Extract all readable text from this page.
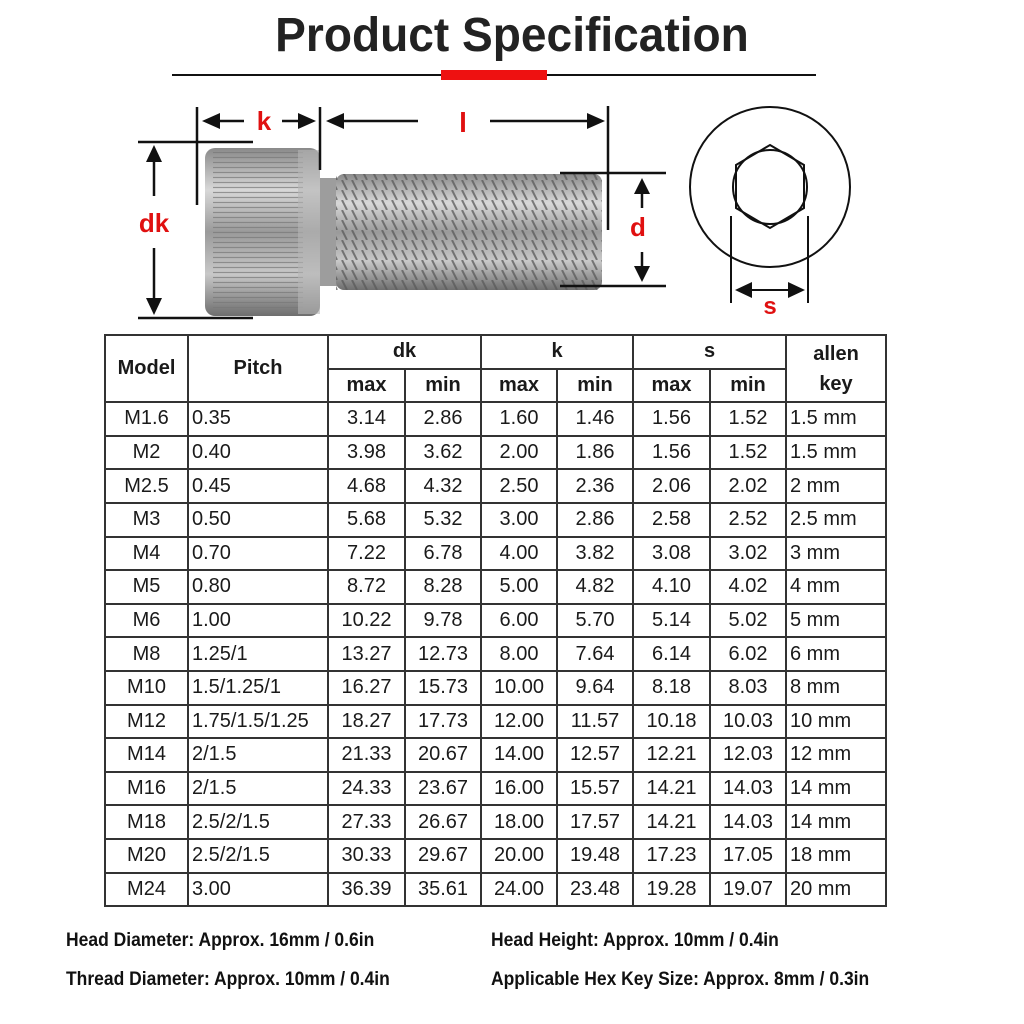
Product Specification
k	l
dk	d
s
Model	Pitch	dk		k		s		allen key
		max	min	max	min	max	min	
M1.6	0.35	3.14	2.86	1.60	1.46	1.56	1.52	1.5 mm
M2	0.40	3.98	3.62	2.00	1.86	1.56	1.52	1.5 mm
M2.5	0.45	4.68	4.32	2.50	2.36	2.06	2.02	2 mm
M3	0.50	5.68	5.32	3.00	2.86	2.58	2.52	2.5 mm
M4	0.70	7.22	6.78	4.00	3.82	3.08	3.02	3 mm
M5	0.80	8.72	8.28	5.00	4.82	4.10	4.02	4 mm
M6	1.00	10.22	9.78	6.00	5.70	5.14	5.02	5 mm
M8	1.25/1	13.27	12.73	8.00	7.64	6.14	6.02	6 mm
M10	1.5/1.25/1	16.27	15.73	10.00	9.64	8.18	8.03	8 mm
M12	1.75/1.5/1.25	18.27	17.73	12.00	11.57	10.18	10.03	10 mm
M14	2/1.5	21.33	20.67	14.00	12.57	12.21	12.03	12 mm
M16	2/1.5	24.33	23.67	16.00	15.57	14.21	14.03	14 mm
M18	2.5/2/1.5	27.33	26.67	18.00	17.57	14.21	14.03	14 mm
M20	2.5/2/1.5	30.33	29.67	20.00	19.48	17.23	17.05	18 mm
M24	3.00	36.39	35.61	24.00	23.48	19.28	19.07	20 mm
Head Diameter: Approx. 16mm / 0.6in	Head Height: Approx. 10mm / 0.4in
Thread Diameter: Approx. 10mm / 0.4in	Applicable Hex Key Size: Approx. 8mm / 0.3in
